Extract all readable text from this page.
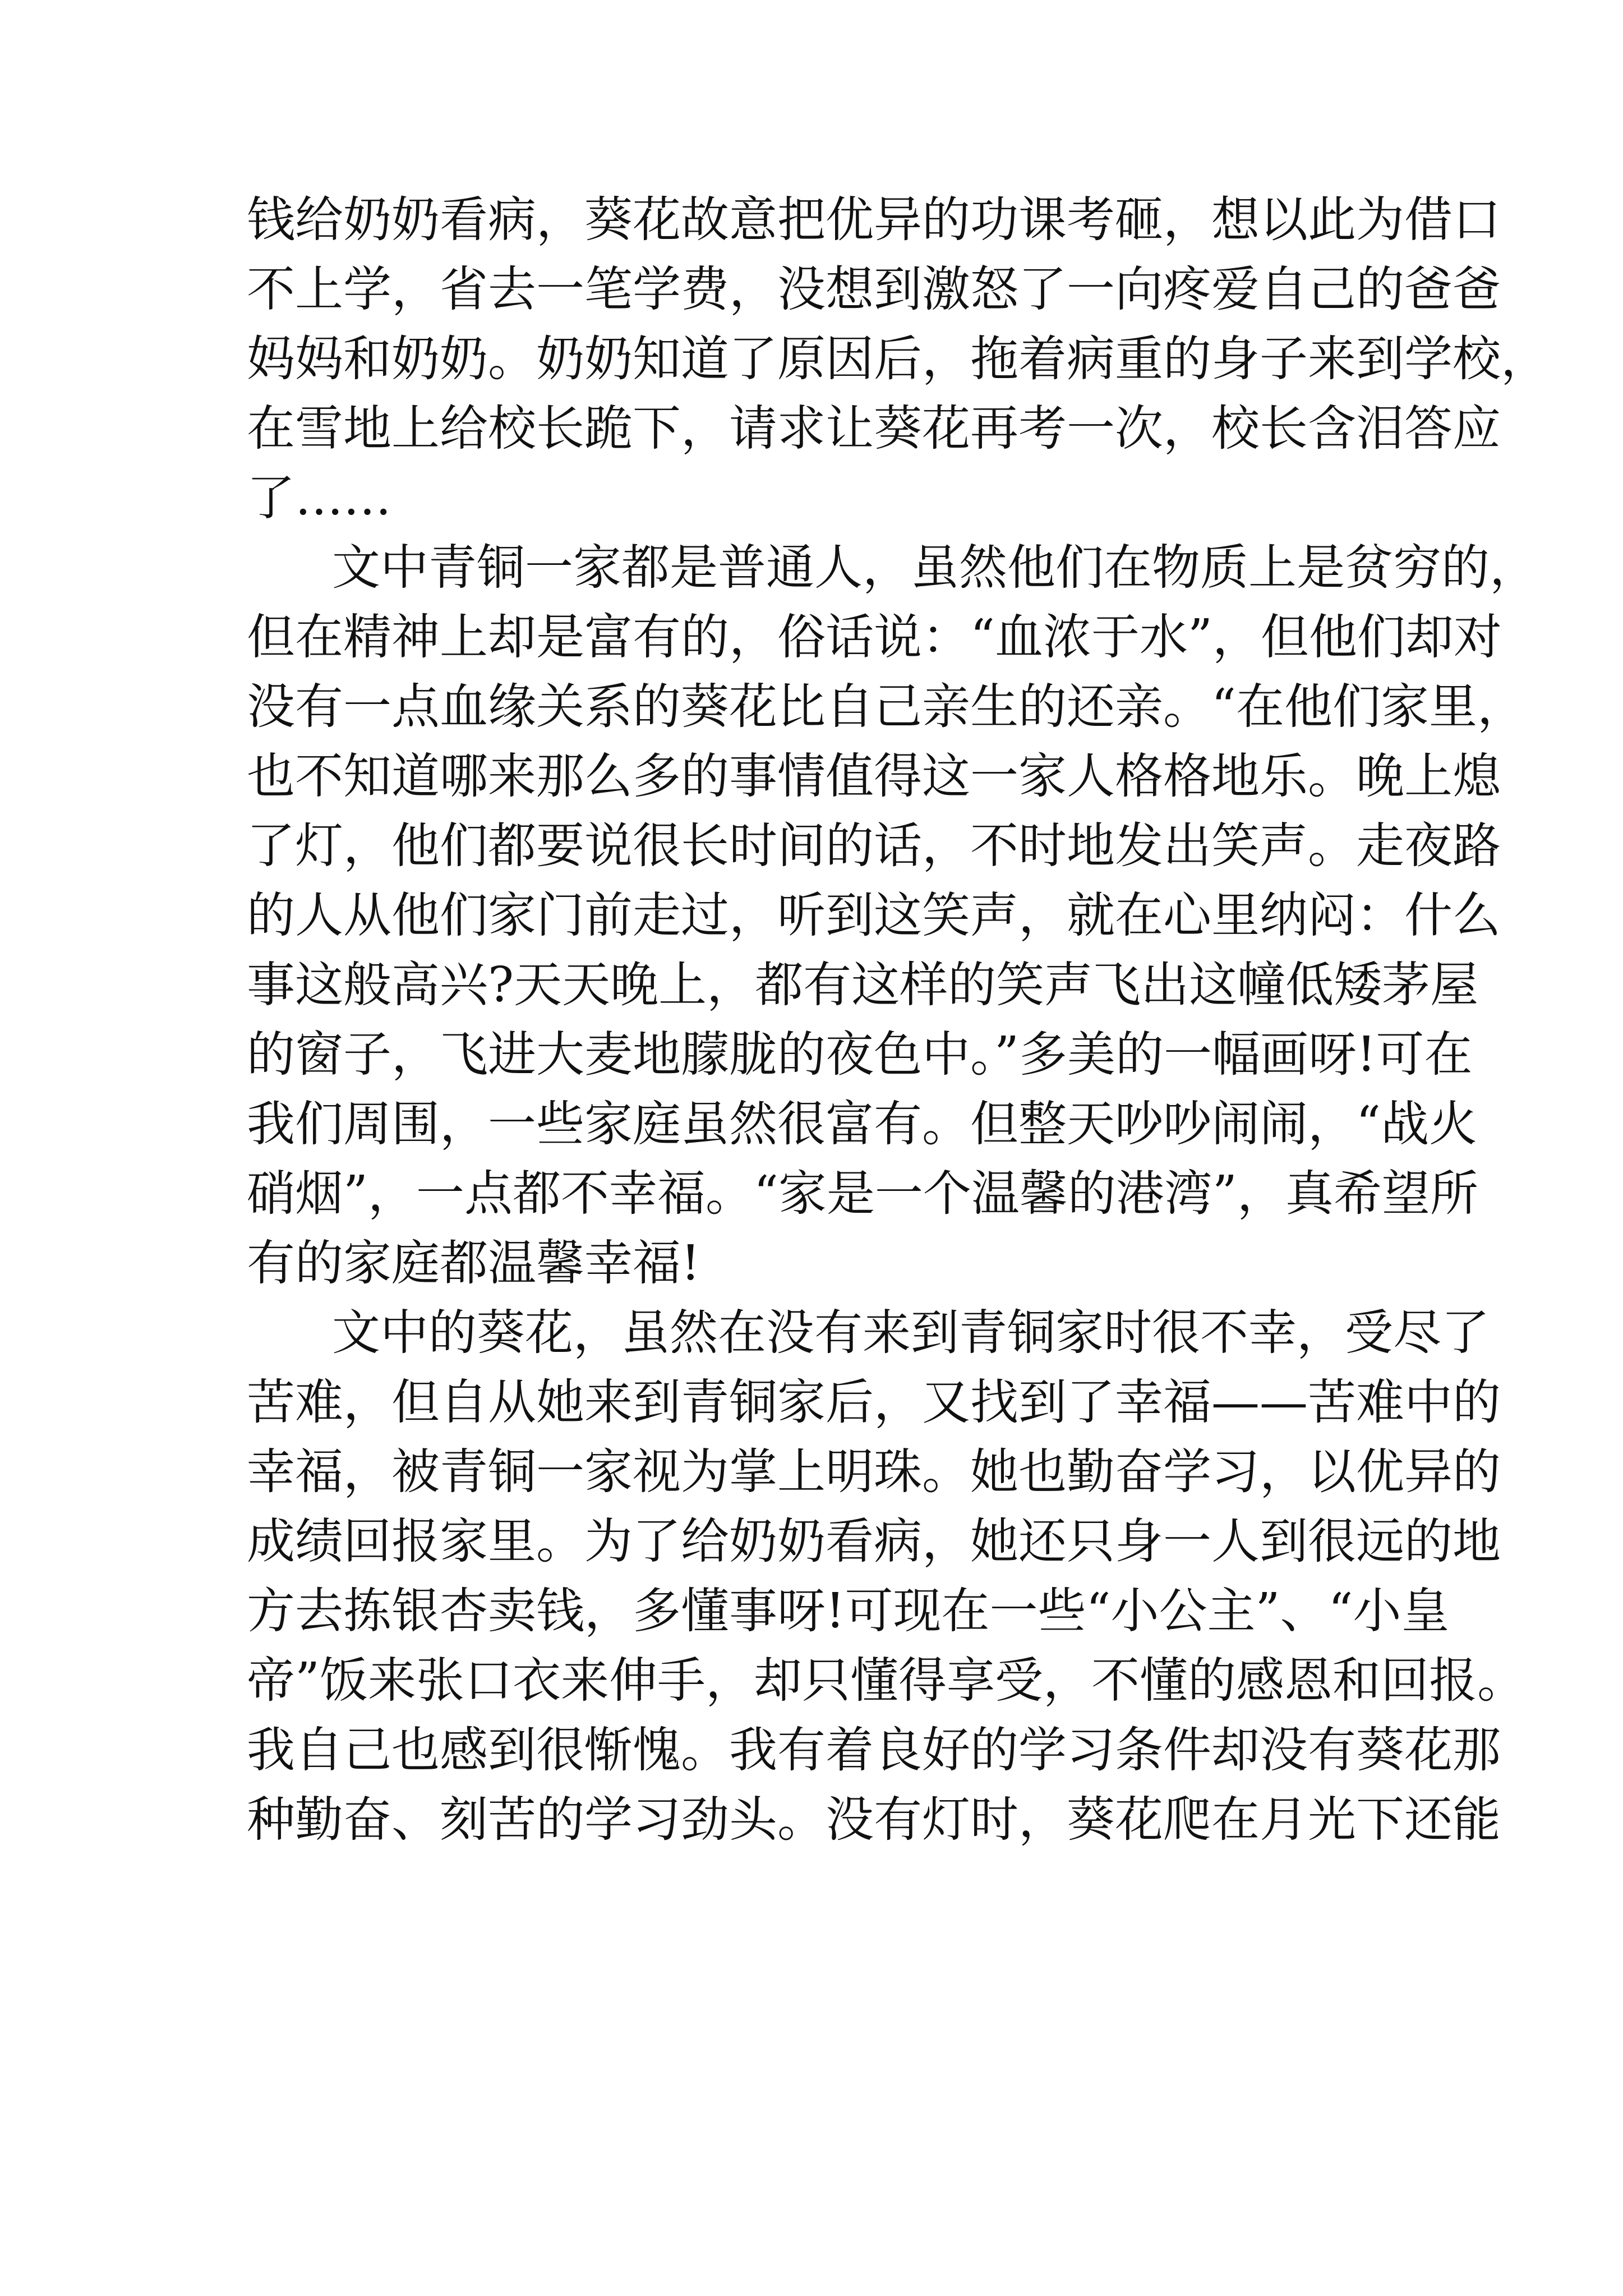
钱给奶奶看病，葵花故意把优异的功课考砸，想以此为借口
不上学，省去一笔学费，没想到激怒了一向疼爱自己的爸爸
妈妈和奶奶。奶奶知道了原因后，拖着病重的身子来到学校，
在雪地上给校长跪下，请求让葵花再考一次，校长含泪答应
了……
文中青铜一家都是普通人，虽然他们在物质上是贫穷的，
但在精神上却是富有的，俗话说：“血浓于水”，但他们却对
没有一点血缘关系的葵花比自己亲生的还亲。“在他们家里，
也不知道哪来那么多的事情值得这一家人格格地乐。晚上熄
了灯，他们都要说很长时间的话，不时地发出笑声。走夜路
的人从他们家门前走过，听到这笑声，就在心里纳闷：什么
事这般高兴?天天晚上，都有这样的笑声飞出这幢低矮茅屋
的窗子，飞进大麦地朦胧的夜色中。”多美的一幅画呀!可在
我们周围，一些家庭虽然很富有。但整天吵吵闹闹，“战火
硝烟”，一点都不幸福。“家是一个温馨的港湾”，真希望所
有的家庭都温馨幸福!
文中的葵花，虽然在没有来到青铜家时很不幸，受尽了
苦难，但自从她来到青铜家后，又找到了幸福——苦难中的
幸福，被青铜一家视为掌上明珠。她也勤奋学习，以优异的
成绩回报家里。为了给奶奶看病，她还只身一人到很远的地
方去拣银杏卖钱，多懂事呀!可现在一些“小公主”、“小皇
帝”饭来张口衣来伸手，却只懂得享受，不懂的感恩和回报。
我自己也感到很惭愧。我有着良好的学习条件却没有葵花那
种勤奋、刻苦的学习劲头。没有灯时，葵花爬在月光下还能
